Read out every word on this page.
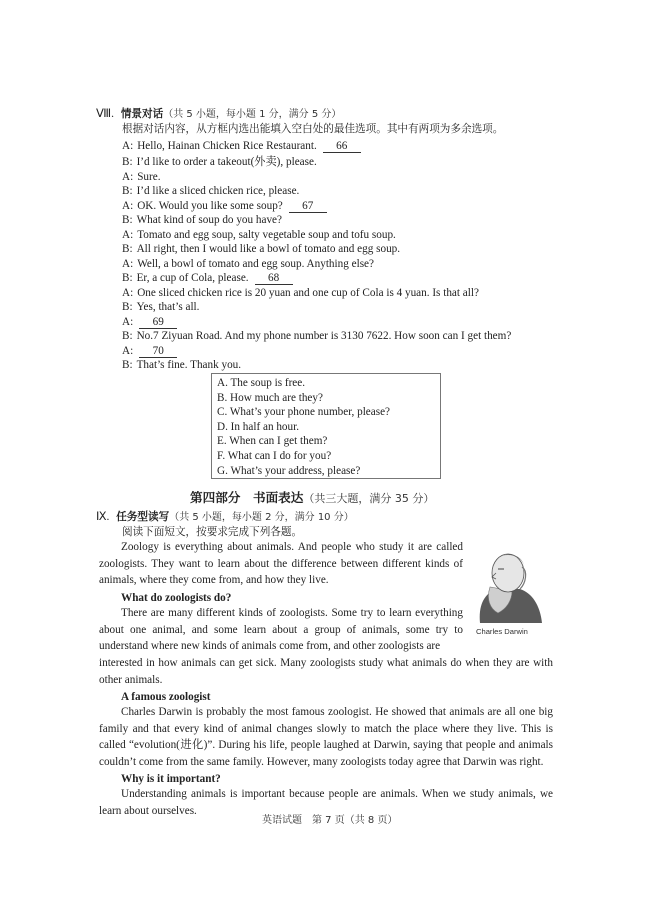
Ⅷ. 情景对话（共 5 小题，每小题 1 分，满分 5 分）
根据对话内容，从方框内选出能填入空白处的最佳选项。其中有两项为多余选项。
A: Hello, Hainan Chicken Rice Restaurant. 66
B: I’d like to order a takeout(外卖), please.
A: Sure.
B: I’d like a sliced chicken rice, please.
A: OK. Would you like some soup? 67
B: What kind of soup do you have?
A: Tomato and egg soup, salty vegetable soup and tofu soup.
B: All right, then I would like a bowl of tomato and egg soup.
A: Well, a bowl of tomato and egg soup. Anything else?
B: Er, a cup of Cola, please. 68
A: One sliced chicken rice is 20 yuan and one cup of Cola is 4 yuan. Is that all?
B: Yes, that’s all.
A: 69
B: No.7 Ziyuan Road. And my phone number is 3130 7622. How soon can I get them?
A: 70
B: That’s fine. Thank you.
A. The soup is free.
B. How much are they?
C. What’s your phone number, please?
D. In half an hour.
E. When can I get them?
F. What can I do for you?
G. What’s your address, please?
第四部分　书面表达（共三大题，满分 35 分）
Ⅸ. 任务型读写（共 5 小题，每小题 2 分，满分 10 分）
阅读下面短文，按要求完成下列各题。
Zoology is everything about animals. And people who study it are called zoologists. They want to learn about the difference between different kinds of animals, where they come from, and how they live.
What do zoologists do?
There are many different kinds of zoologists. Some try to learn everything about one animal, and some learn about a group of animals, some try to understand where new kinds of animals come from, and other zoologists are
interested in how animals can get sick. Many zoologists study what animals do when they are with other animals.
A famous zoologist
Charles Darwin is probably the most famous zoologist. He showed that animals are all one big family and that every kind of animal changes slowly to match the place where they live. This is called “evolution(进化)”. During his life, people laughed at Darwin, saying that people and animals couldn’t come from the same family. However, many zoologists today agree that Darwin was right.
Why is it important?
Understanding animals is important because people are animals. When we study animals, we learn about ourselves.
Charles Darwin
英语试题　第 7 页（共 8 页）
